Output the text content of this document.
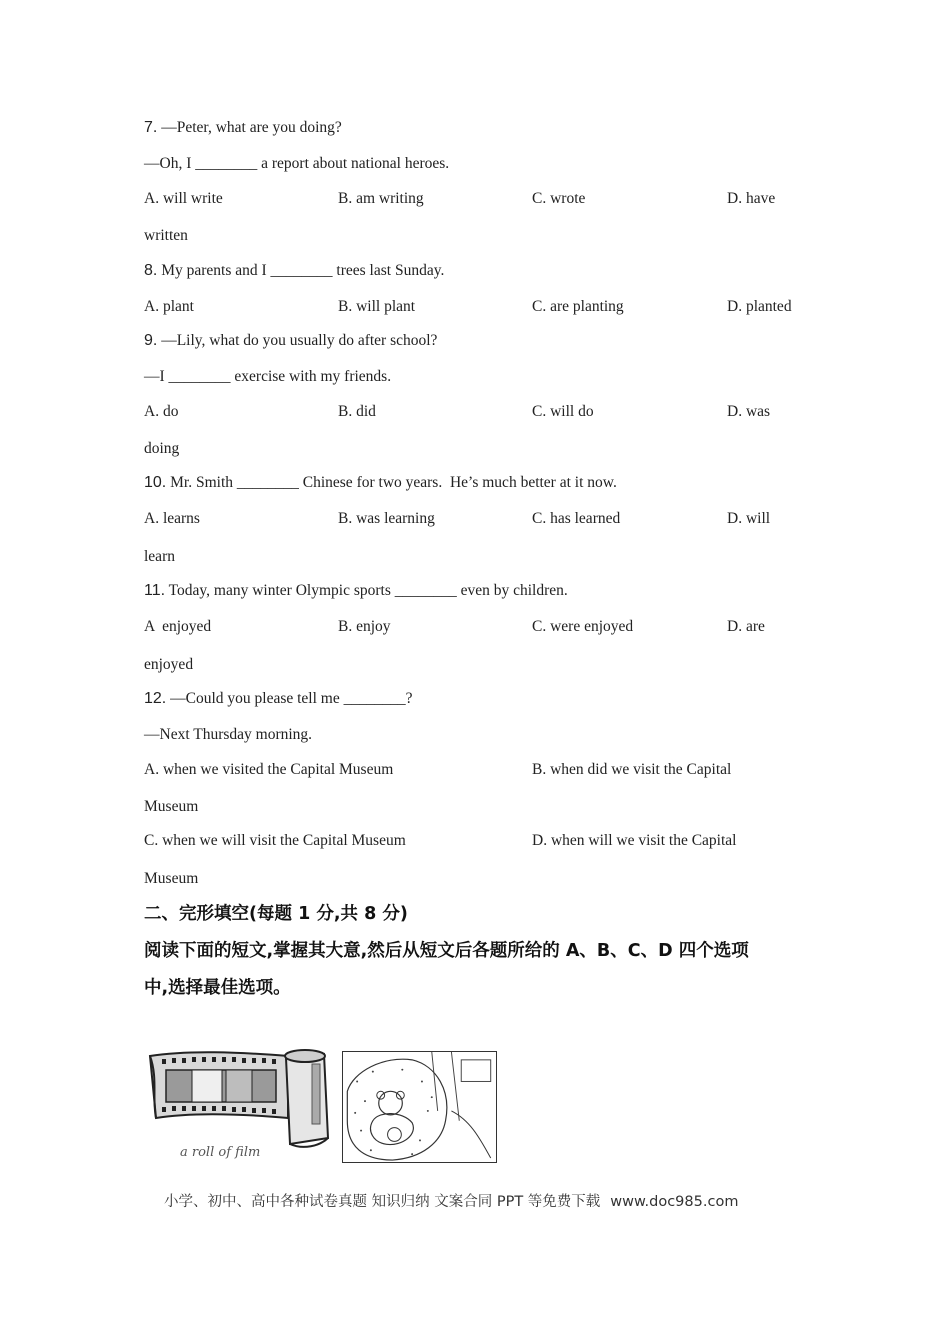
7. —Peter, what are you doing?
—Oh, I ________ a report about national heroes.
A. will write	B. am writing	C. wrote	D. have
written
8. My parents and I ________ trees last Sunday.
A. plant	B. will plant	C. are planting	D. planted
9. —Lily, what do you usually do after school?
—I ________ exercise with my friends.
A. do	B. did	C. will do	D. was
doing
10. Mr. Smith ________ Chinese for two years.  He’s much better at it now.
A. learns	B. was learning	C. has learned	D. will
learn
11. Today, many winter Olympic sports ________ even by children.
A  enjoyed	B. enjoy	C. were enjoyed	D. are
enjoyed
12. —Could you please tell me ________?
—Next Thursday morning.
A. when we visited the Capital Museum	B. when did we visit the Capital
Museum
C. when we will visit the Capital Museum	D. when will we visit the Capital
Museum
二、完形填空(每题 1 分,共 8 分)
阅读下面的短文,掌握其大意,然后从短文后各题所给的 A、B、C、D 四个选项
中,选择最佳选项。
a roll of film
小学、初中、高中各种试卷真题 知识归纳 文案合同 PPT 等免费下载 www.doc985.com
